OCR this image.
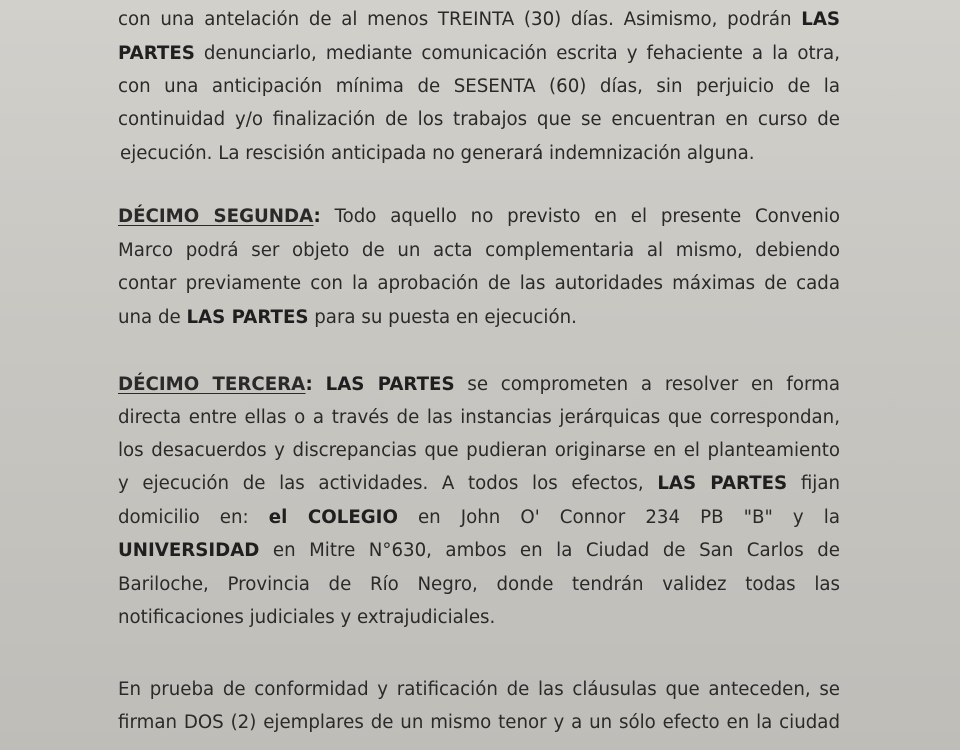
con una antelación de al menos TREINTA (30) días. Asimismo, podrán LAS
PARTES denunciarlo, mediante comunicación escrita y fehaciente a la otra,
con una anticipación mínima de SESENTA (60) días, sin perjuicio de la
continuidad y/o finalización de los trabajos que se encuentran en curso de
ejecución. La rescisión anticipada no generará indemnización alguna.
DÉCIMO SEGUNDA: Todo aquello no previsto en el presente Convenio
Marco podrá ser objeto de un acta complementaria al mismo, debiendo
contar previamente con la aprobación de las autoridades máximas de cada
una de LAS PARTES para su puesta en ejecución.
DÉCIMO TERCERA: LAS PARTES se comprometen a resolver en forma
directa entre ellas o a través de las instancias jerárquicas que correspondan,
los desacuerdos y discrepancias que pudieran originarse en el planteamiento
y ejecución de las actividades. A todos los efectos, LAS PARTES fijan
domicilio en: el COLEGIO en John O' Connor 234 PB "B" y la
UNIVERSIDAD en Mitre N°630, ambos en la Ciudad de San Carlos de
Bariloche, Provincia de Río Negro, donde tendrán validez todas las
notificaciones judiciales y extrajudiciales.
En prueba de conformidad y ratificación de las cláusulas que anteceden, se
firman DOS (2) ejemplares de un mismo tenor y a un sólo efecto en la ciudad
